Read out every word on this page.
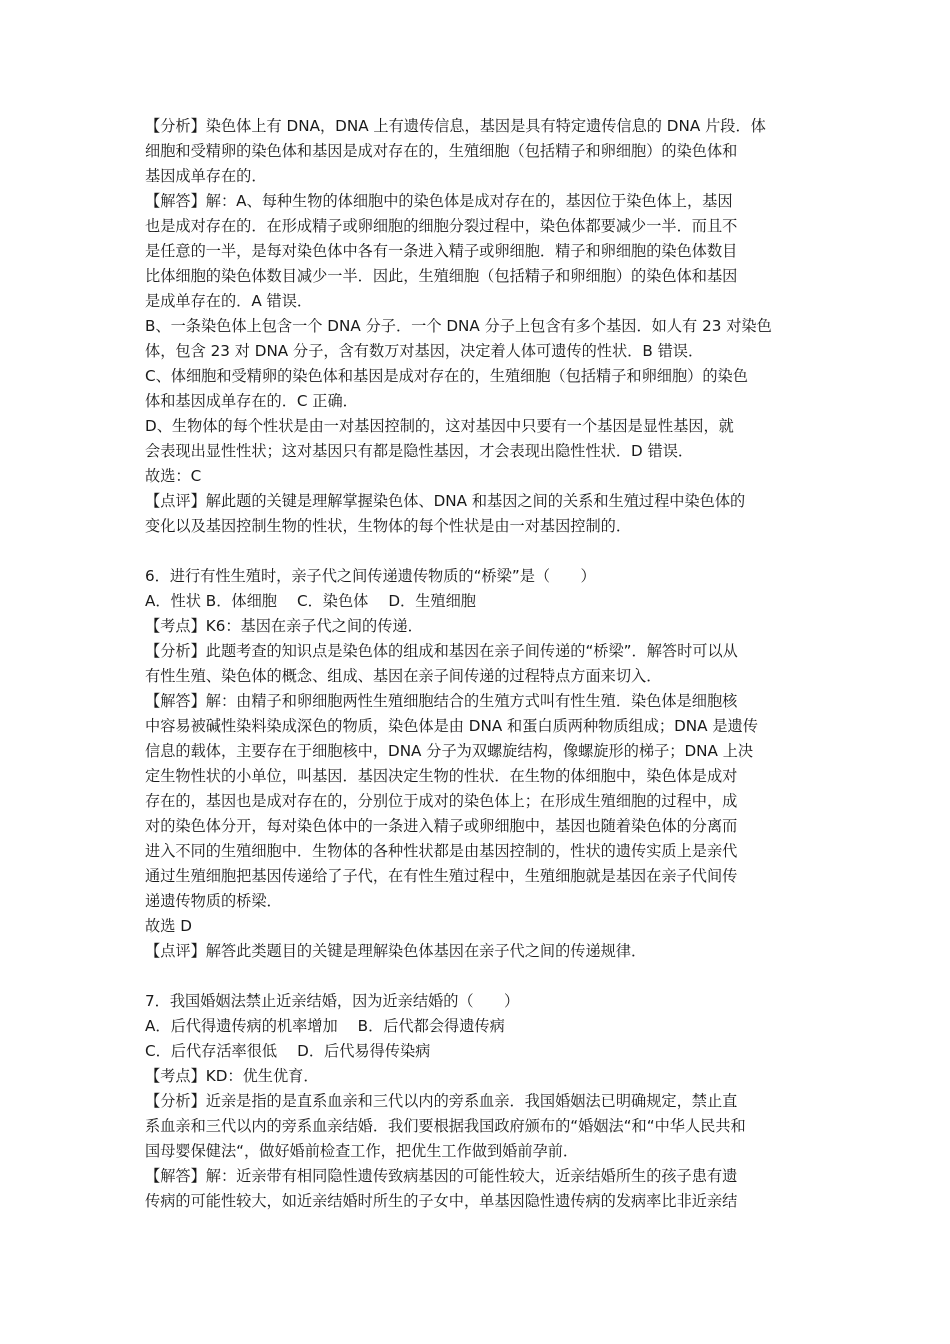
【分析】染色体上有 DNA，DNA 上有遗传信息，基因是具有特定遗传信息的 DNA 片段．体
细胞和受精卵的染色体和基因是成对存在的，生殖细胞（包括精子和卵细胞）的染色体和
基因成单存在的．
【解答】解：A、每种生物的体细胞中的染色体是成对存在的，基因位于染色体上，基因
也是成对存在的．在形成精子或卵细胞的细胞分裂过程中，染色体都要减少一半．而且不
是任意的一半，是每对染色体中各有一条进入精子或卵细胞．精子和卵细胞的染色体数目
比体细胞的染色体数目减少一半．因此，生殖细胞（包括精子和卵细胞）的染色体和基因
是成单存在的．A 错误．
B、一条染色体上包含一个 DNA 分子．一个 DNA 分子上包含有多个基因．如人有 23 对染色
体，包含 23 对 DNA 分子，含有数万对基因，决定着人体可遗传的性状．B 错误．
C、体细胞和受精卵的染色体和基因是成对存在的，生殖细胞（包括精子和卵细胞）的染色
体和基因成单存在的．C 正确．
D、生物体的每个性状是由一对基因控制的，这对基因中只要有一个基因是显性基因，就
会表现出显性性状；这对基因只有都是隐性基因，才会表现出隐性性状．D 错误．
故选：C
【点评】解此题的关键是理解掌握染色体、DNA 和基因之间的关系和生殖过程中染色体的
变化以及基因控制生物的性状，生物体的每个性状是由一对基因控制的．
6．进行有性生殖时，亲子代之间传递遗传物质的“桥梁”是（　　）
A．性状 B．体细胞　 C．染色体　 D．生殖细胞
【考点】K6：基因在亲子代之间的传递．
【分析】此题考查的知识点是染色体的组成和基因在亲子间传递的“桥梁”．解答时可以从
有性生殖、染色体的概念、组成、基因在亲子间传递的过程特点方面来切入．
【解答】解：由精子和卵细胞两性生殖细胞结合的生殖方式叫有性生殖．染色体是细胞核
中容易被碱性染料染成深色的物质，染色体是由 DNA 和蛋白质两种物质组成；DNA 是遗传
信息的载体，主要存在于细胞核中，DNA 分子为双螺旋结构，像螺旋形的梯子；DNA 上决
定生物性状的小单位，叫基因．基因决定生物的性状．在生物的体细胞中，染色体是成对
存在的，基因也是成对存在的，分别位于成对的染色体上；在形成生殖细胞的过程中，成
对的染色体分开，每对染色体中的一条进入精子或卵细胞中，基因也随着染色体的分离而
进入不同的生殖细胞中．生物体的各种性状都是由基因控制的，性状的遗传实质上是亲代
通过生殖细胞把基因传递给了子代，在有性生殖过程中，生殖细胞就是基因在亲子代间传
递遗传物质的桥梁．
故选 D
【点评】解答此类题目的关键是理解染色体基因在亲子代之间的传递规律．
7．我国婚姻法禁止近亲结婚，因为近亲结婚的（　　）
A．后代得遗传病的机率增加　 B．后代都会得遗传病
C．后代存活率很低　 D．后代易得传染病
【考点】KD：优生优育．
【分析】近亲是指的是直系血亲和三代以内的旁系血亲．我国婚姻法已明确规定，禁止直
系血亲和三代以内的旁系血亲结婚．我们要根据我国政府颁布的“婚姻法“和“中华人民共和
国母婴保健法“，做好婚前检查工作，把优生工作做到婚前孕前．
【解答】解：近亲带有相同隐性遗传致病基因的可能性较大，近亲结婚所生的孩子患有遗
传病的可能性较大，如近亲结婚时所生的子女中，单基因隐性遗传病的发病率比非近亲结
